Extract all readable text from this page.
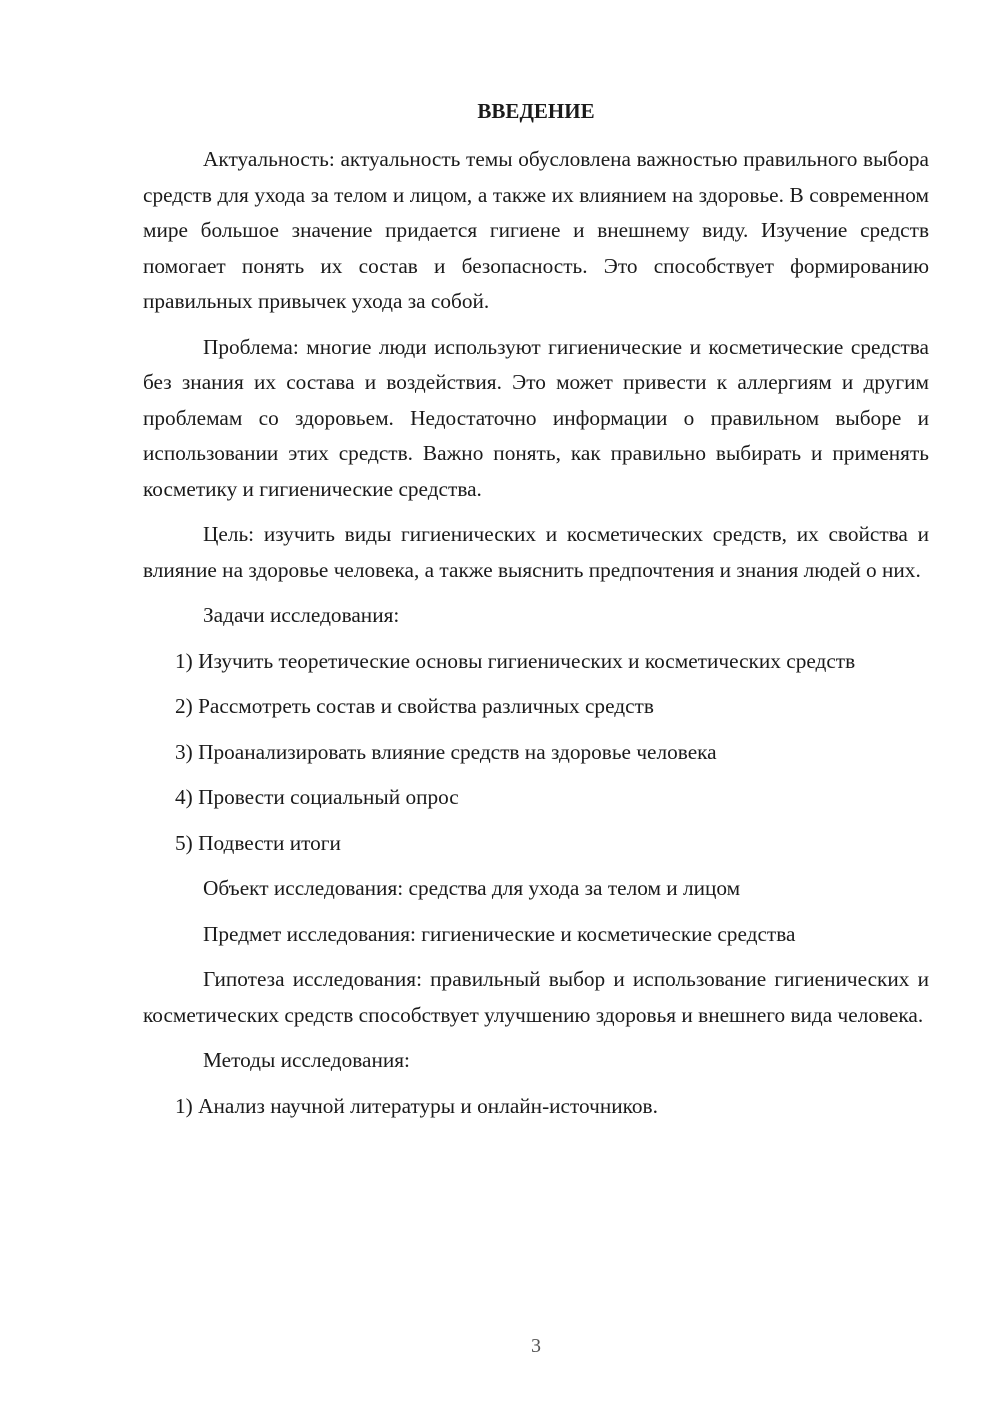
ВВЕДЕНИЕ

Актуальность: актуальность темы обусловлена важностью правильного выбора средств для ухода за телом и лицом, а также их влиянием на здоровье. В современном мире большое значение придается гигиене и внешнему виду. Изучение средств помогает понять их состав и безопасность. Это способствует формированию правильных привычек ухода за собой.

Проблема: многие люди используют гигиенические и косметические средства без знания их состава и воздействия. Это может привести к аллергиям и другим проблемам со здоровьем. Недостаточно информации о правильном выборе и использовании этих средств. Важно понять, как правильно выбирать и применять косметику и гигиенические средства.

Цель: изучить виды гигиенических и косметических средств, их свойства и влияние на здоровье человека, а также выяснить предпочтения и знания людей о них.

Задачи исследования:

1) Изучить теоретические основы гигиенических и косметических средств

2) Рассмотреть состав и свойства различных средств

3) Проанализировать влияние средств на здоровье человека

4) Провести социальный опрос

5) Подвести итоги

Объект исследования: средства для ухода за телом и лицом

Предмет исследования: гигиенические и косметические средства

Гипотеза исследования: правильный выбор и использование гигиенических и косметических средств способствует улучшению здоровья и внешнего вида человека.

Методы исследования:

1) Анализ научной литературы и онлайн-источников.

3
